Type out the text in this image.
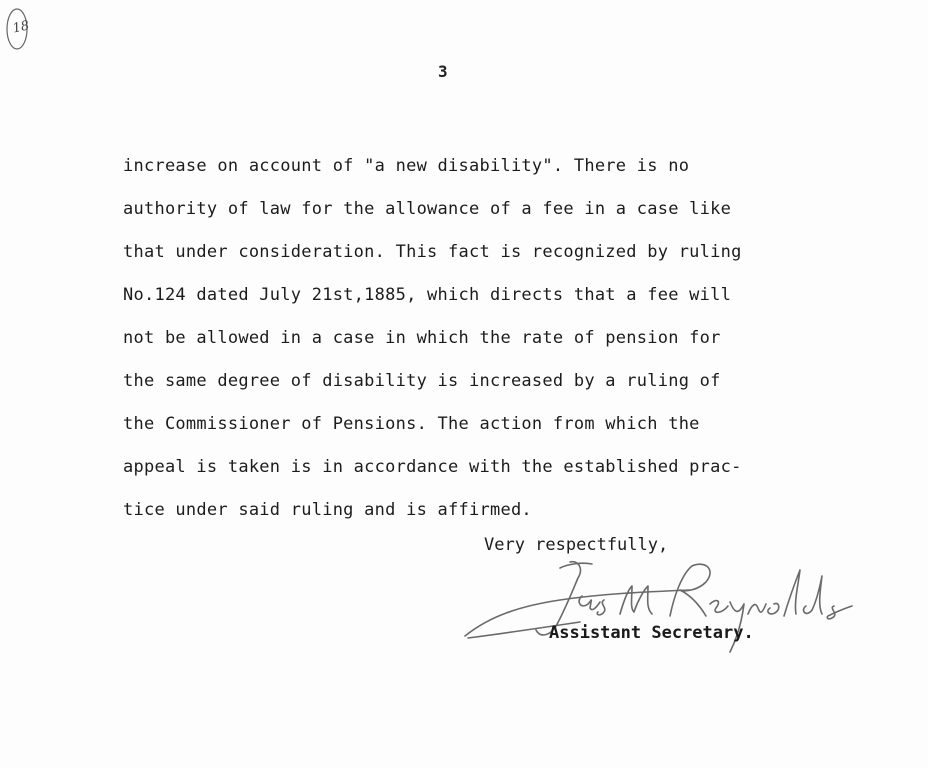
18
3
increase on account of "a new disability". There is no
authority of law for the allowance of a fee in a case like
that under consideration. This fact is recognized by ruling
No.124 dated July 21st,1885, which directs that a fee will
not be allowed in a case in which the rate of pension for
the same degree of disability is increased by a ruling of
the Commissioner of Pensions. The action from which the
appeal is taken is in accordance with the established prac-
tice under said ruling and is affirmed.
Very respectfully,
Assistant Secretary.
